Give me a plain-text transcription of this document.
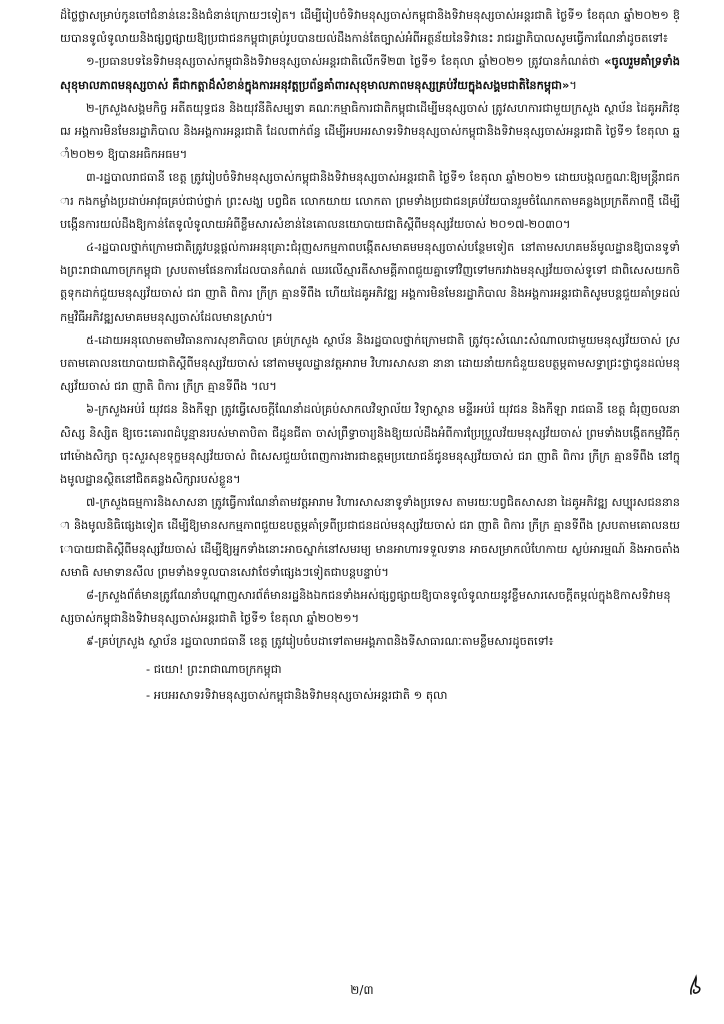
ដ៏ថ្លៃថ្លាសម្រាប់កូនចៅជំនាន់នេះនិងជំនាន់ក្រោយៗទៀត។ ដើម្បីរៀបចំទិវាមនុស្សចាស់កម្ពុជានិងទិវាមនុស្សចាស់អន្តរជាតិ ថ្ងៃទី១ ខែតុលា ឆ្នាំ២០២១ ឱ្យបានទូលំទូលាយនិងផ្សព្វផ្សាយឱ្យប្រជាជនកម្ពុជាគ្រប់រូបបានយល់ដឹងកាន់តែច្បាស់អំពីអត្ថន័យនៃទិវានេះ រាជរដ្ឋាភិបាលសូមធ្វើការណែនាំដូចតទៅ៖

១-ប្រធានបទនៃទិវាមនុស្សចាស់កម្ពុជានិងទិវាមនុស្សចាស់អន្តរជាតិលើកទី២៣ ថ្ងៃទី១ ខែតុលា ឆ្នាំ២០២១ ត្រូវបានកំណត់ថា «ចូលរួមគាំទ្រទាំងសុខុមាលភាពមនុស្សចាស់ គឺជាកត្តាដ៏សំខាន់ក្នុងការអនុវត្តប្រព័ន្ធគាំពារសុខុមាលភាពមនុស្សគ្រប់វ័យក្នុងសង្គមជាតិនៃកម្ពុជា»។

២-ក្រសួងសង្គមកិច្ច អតីតយុទ្ធជន និងយុវនីតិសម្បទា គណៈកម្មាធិការជាតិកម្ពុជាដើម្បីមនុស្សចាស់ ត្រូវសហការជាមួយក្រសួង ស្ថាប័ន ដៃគូអភិវឌ្ឍ អង្គការមិនមែនរដ្ឋាភិបាល និងអង្គការអន្តរជាតិ ដែលពាក់ព័ន្ធ ដើម្បីអបអរសាទរទិវាមនុស្សចាស់កម្ពុជានិងទិវាមនុស្សចាស់អន្តរជាតិ ថ្ងៃទី១ ខែតុលា ឆ្នាំ២០២១ ឱ្យបានអធិកអធម។

៣-រដ្ឋបាលរាជធានី ខេត្ត ត្រូវរៀបចំទិវាមនុស្សចាស់កម្ពុជានិងទិវាមនុស្សចាស់អន្តរជាតិ ថ្ងៃទី១ ខែតុលា ឆ្នាំ២០២១ ដោយបង្កលក្ខណៈឱ្យមន្ត្រីរាជការ កងកម្លាំងប្រដាប់អាវុធគ្រប់ជាប់ថ្នាក់ ព្រះសង្ឃ បព្វជិត លោកយាយ លោកតា ព្រមទាំងប្រជាជនគ្រប់វ័យបានរួមចំណែកតាមគន្លងប្រក្រតីភាពថ្មី ដើម្បីបង្កើនការយល់ដឹងឱ្យកាន់តែទូលំទូលាយអំពីខ្លឹមសារសំខាន់នៃគោលនយោបាយជាតិស្តីពីមនុស្សវ័យចាស់ ២០១៧-២០៣០។

៤-រដ្ឋបាលថ្នាក់ក្រោមជាតិត្រូវបន្តផ្តល់ការអនុគ្រោះជំរុញសកម្មភាពបង្កើតសមាគមមនុស្សចាស់បន្ថែមទៀត នៅតាមសហគមន៍មូលដ្ឋានឱ្យបានទូទាំងព្រះរាជាណាចក្រកម្ពុជា ស្របតាមផែនការដែលបានកំណត់ ឈរលើស្មារតីសាមគ្គីភាពជួយគ្នាទៅវិញទៅមករវាងមនុស្សវ័យចាស់ទូទៅ ជាពិសេសយកចិត្តទុកដាក់ជួយមនុស្សវ័យចាស់ ជរា ញាតិ ពិការ ក្រីក្រ គ្មានទីពឹង ហើយដៃគូអភិវឌ្ឍ អង្គការមិនមែនរដ្ឋាភិបាល និងអង្គការអន្តរជាតិសូមបន្តជួយគាំទ្រដល់កម្មវិធីអភិវឌ្ឍសមាគមមនុស្សចាស់ដែលមានស្រាប់។

៥-ដោយអនុលោមតាមវិធានការសុខាភិបាល គ្រប់ក្រសួង ស្ថាប័ន និងរដ្ឋបាលថ្នាក់ក្រោមជាតិ ត្រូវចុះសំណេះសំណាលជាមួយមនុស្សវ័យចាស់ ស្របតាមគោលនយោបាយជាតិស្តីពីមនុស្សវ័យចាស់ នៅតាមមូលដ្ឋានវត្តអារាម វិហារសាសនា នានា ដោយនាំយកជំនួយឧបត្ថម្ភតាមសទ្ធាជ្រះថ្លាជូនដល់មនុស្សវ័យចាស់ ជរា ញាតិ ពិការ ក្រីក្រ គ្មានទីពឹង ។ល។

៦-ក្រសួងអប់រំ យុវជន និងកីឡា ត្រូវធ្វើសេចក្តីណែនាំដល់គ្រប់សាកលវិទ្យាល័យ វិទ្យាស្ថាន មន្ទីរអប់រំ យុវជន និងកីឡា រាជធានី ខេត្ត ជំរុញចលនាសិស្ស និស្សិត ឱ្យចេះគោរពដំបូន្មានរបស់មាតាបិតា ជីដូនជីតា ចាស់ព្រឹទ្ធាចារ្យនិងឱ្យយល់ដឹងអំពីការប្រែប្រួលវ័យមនុស្សវ័យចាស់ ព្រមទាំងបង្កើតកម្មវិធីក្រៅម៉ោងសិក្សា ចុះសួរសុខទុក្ខមនុស្សវ័យចាស់ ពិសេសជួយបំពេញការងារជាឧត្តមប្រយោជន៍ជូនមនុស្សវ័យចាស់ ជរា ញាតិ ពិការ ក្រីក្រ គ្មានទីពឹង នៅក្នុងមូលដ្ឋានស្ថិតនៅជិតគន្លងសិក្សារបស់ខ្លួន។

៧-ក្រសួងធម្មការនិងសាសនា ត្រូវធ្វើការណែនាំតាមវត្តអារាម វិហារសាសនាទូទាំងប្រទេស តាមរយៈបព្វជិតសាសនា ដៃគូអភិវឌ្ឍ សប្បុរសជននានា និងមូលនិធិផ្សេងទៀត ដើម្បីឱ្យមានសកម្មភាពជួយឧបត្ថម្ភគាំទ្រពីប្រជាជនដល់មនុស្សវ័យចាស់ ជរា ញាតិ ពិការ ក្រីក្រ គ្មានទីពឹង ស្របតាមគោលនយោបាយជាតិស្តីពីមនុស្សវ័យចាស់ ដើម្បីឱ្យអ្នកទាំងនោះអាចស្នាក់នៅសមរម្យ មានអាហារទទួលទាន អាចសម្រាកលំហែកាយ ស្ងប់អារម្មណ៍ និងអាចតាំងសមាធិ សមាទានសីល ព្រមទាំងទទួលបានសេវាថែទាំផ្សេងៗទៀតជាបន្តបន្ទាប់។

៨-ក្រសួងព័ត៌មានត្រូវណែនាំបណ្តាញសារព័ត៌មានរដ្ឋនិងឯកជនទាំងអស់ផ្សព្វផ្សាយឱ្យបានទូលំទូលាយនូវខ្លឹមសារសេចក្តីតម្កល់ក្នុងឱកាសទិវាមនុស្សចាស់កម្ពុជានិងទិវាមនុស្សចាស់អន្តរជាតិ ថ្ងៃទី១ ខែតុលា ឆ្នាំ២០២១។

៩-គ្រប់ក្រសួង ស្ថាប័ន រដ្ឋបាលរាជធានី ខេត្ត ត្រូវរៀបចំបដាទៅតាមអង្គភាពនិងទីសាធារណៈតាមខ្លឹមសារដូចតទៅ៖

- ជយោ! ព្រះរាជាណាចក្រកម្ពុជា
- អបអរសាទរទិវាមនុស្សចាស់កម្ពុជានិងទិវាមនុស្សចាស់អន្តរជាតិ ១ តុលា
២/៣
